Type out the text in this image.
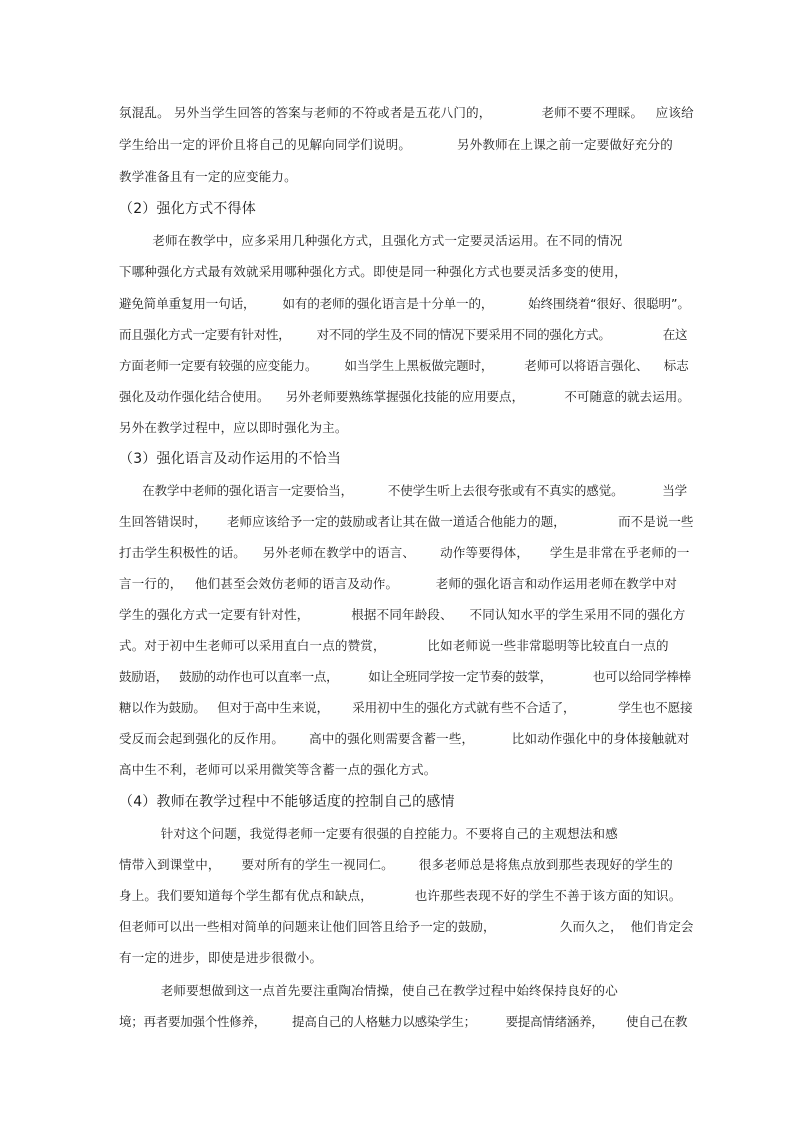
氛混乱。 另外当学生回答的答案与老师的不符或者是五花八门的，            老师不要不理睬。   应该给
学生给出一定的评价且将自己的见解向同学们说明。           另外教师在上课之前一定要做好充分的
教学准备且有一定的应变能力。
（2）强化方式不得体
老师在教学中，应多采用几种强化方式，且强化方式一定要灵活运用。在不同的情况
下哪种强化方式最有效就采用哪种强化方式。即使是同一种强化方式也要灵活多变的使用，
避免简单重复用一句话，       如有的老师的强化语言是十分单一的，         始终围绕着“很好、很聪明”。
而且强化方式一定要有针对性，       对不同的学生及不同的情况下要采用不同的强化方式。              在这
方面老师一定要有较强的应变能力。       如当学生上黑板做完题时，        老师可以将语言强化、    标志
强化及动作强化结合使用。    另外老师要熟练掌握强化技能的应用要点，          不可随意的就去运用。
另外在教学过程中，应以即时强化为主。
（3）强化语言及动作运用的不恰当
在教学中老师的强化语言一定要恰当，         不使学生听上去很夸张或有不真实的感觉。          当学
生回答错误时，     老师应该给予一定的鼓励或者让其在做一道适合他能力的题，             而不是说一些
打击学生积极性的话。    另外老师在教学中的语言、      动作等要得体，     学生是非常在乎老师的一
言一行的，   他们甚至会效仿老师的语言及动作。         老师的强化语言和动作运用老师在教学中对
学生的强化方式一定要有针对性，          根据不同年龄段、    不同认知水平的学生采用不同的强化方
式。对于初中生老师可以采用直白一点的赞赏，          比如老师说一些非常聪明等比较直白一点的
鼓励语，   鼓励的动作也可以直率一点，        如让全班同学按一定节奏的鼓掌，           也可以给同学棒棒
糖以作为鼓励。   但对于高中生来说，      采用初中生的强化方式就有些不合适了，           学生也不愿接
受反而会起到强化的反作用。      高中的强化则需要含蓄一些，         比如动作强化中的身体接触就对
高中生不利，老师可以采用微笑等含蓄一点的强化方式。
（4）教师在教学过程中不能够适度的控制自己的感情
针对这个问题，我觉得老师一定要有很强的自控能力。不要将自己的主观想法和感
情带入到课堂中，     要对所有的学生一视同仁。      很多老师总是将焦点放到那些表现好的学生的
身上。我们要知道每个学生都有优点和缺点，          也许那些表现不好的学生不善于该方面的知识。
但老师可以出一些相对简单的问题来让他们回答且给予一定的鼓励，                久而久之，  他们肯定会
有一定的进步，即使是进步很微小。
老师要想做到这一点首先要注重陶冶情操，使自己在教学过程中始终保持良好的心
境；再者要加强个性修养，       提高自己的人格魅力以感染学生；        要提高情绪涵养，      使自己在教
